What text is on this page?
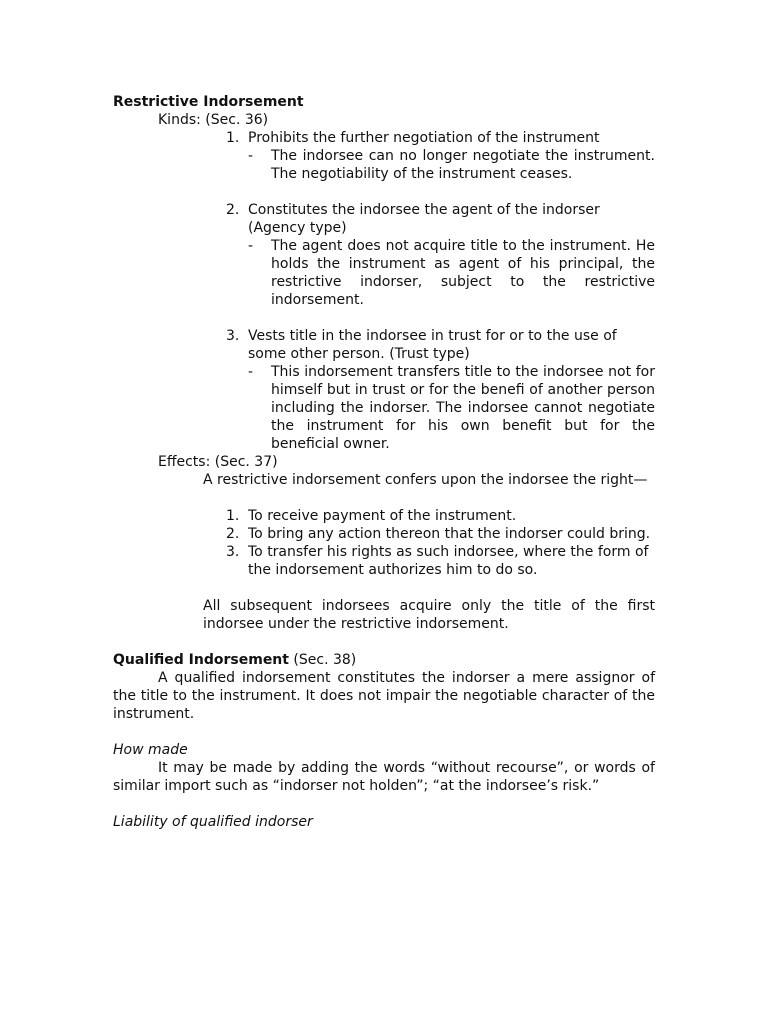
Restrictive Indorsement
Kinds: (Sec. 36)
1. Prohibits the further negotiation of the instrument
- The indorsee can no longer negotiate the instrument. The negotiability of the instrument ceases.
2. Constitutes the indorsee the agent of the indorser (Agency type)
- The agent does not acquire title to the instrument. He holds the instrument as agent of his principal, the restrictive indorser, subject to the restrictive indorsement.
3. Vests title in the indorsee in trust for or to the use of some other person. (Trust type)
- This indorsement transfers title to the indorsee not for himself but in trust or for the benefi of another person including the indorser. The indorsee cannot negotiate the instrument for his own benefit but for the beneficial owner.
Effects: (Sec. 37)
A restrictive indorsement confers upon the indorsee the right—
1. To receive payment of the instrument.
2. To bring any action thereon that the indorser could bring.
3. To transfer his rights as such indorsee, where the form of the indorsement authorizes him to do so.
All subsequent indorsees acquire only the title of the first indorsee under the restrictive indorsement.
Qualified Indorsement (Sec. 38)
A qualified indorsement constitutes the indorser a mere assignor of the title to the instrument. It does not impair the negotiable character of the instrument.
How made
It may be made by adding the words “without recourse”, or words of similar import such as “indorser not holden”; “at the indorsee’s risk.”
Liability of qualified indorser
